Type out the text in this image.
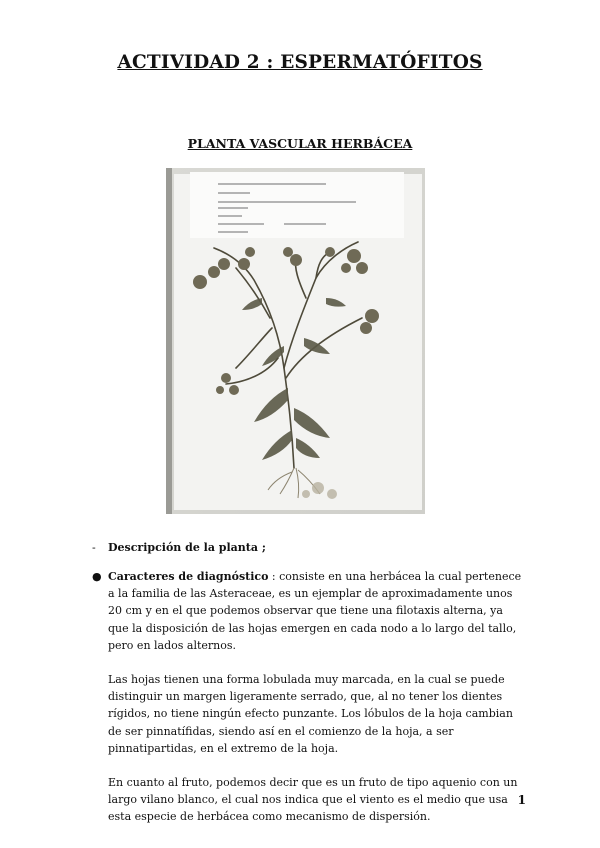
ACTIVIDAD 2 : ESPERMATÓFITOS
PLANTA VASCULAR HERBÁCEA
- Descripción de la planta ;
● Caracteres de diagnóstico : consiste en una herbácea la cual pertenece a la familia de las Asteraceae, es un ejemplar de aproximadamente unos 20 cm y en el que podemos observar que tiene una filotaxis alterna, ya que la disposición de las hojas emergen en cada nodo a lo largo del tallo, pero en lados alternos.

Las hojas tienen una forma lobulada muy marcada, en la cual se puede distinguir un margen ligeramente serrado, que, al no tener los dientes rígidos, no tiene ningún efecto punzante. Los lóbulos de la hoja cambian de ser pinnatífidas, siendo así en el comienzo de la hoja, a ser pinnatipartidas, en el extremo de la hoja.

En cuanto al fruto, podemos decir que es un fruto de tipo aquenio con un largo vilano blanco, el cual nos indica que el viento es el medio que usa esta especie de herbácea como mecanismo de dispersión.

1
